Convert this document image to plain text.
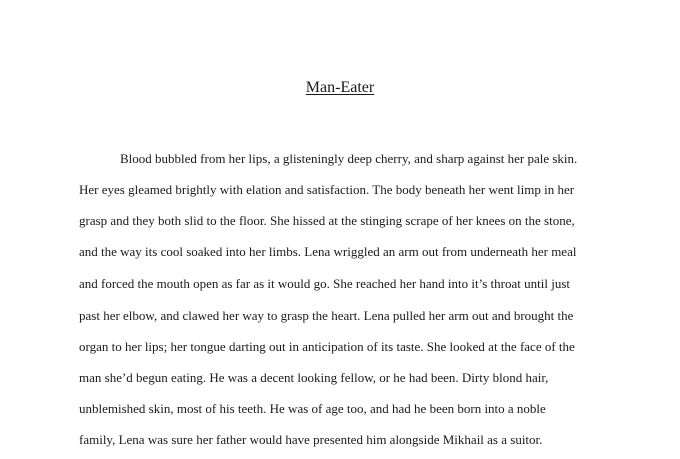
Man-Eater

Blood bubbled from her lips, a glisteningly deep cherry, and sharp against her pale skin.

Her eyes gleamed brightly with elation and satisfaction. The body beneath her went limp in her

grasp and they both slid to the floor. She hissed at the stinging scrape of her knees on the stone,

and the way its cool soaked into her limbs. Lena wriggled an arm out from underneath her meal

and forced the mouth open as far as it would go. She reached her hand into it’s throat until just

past her elbow, and clawed her way to grasp the heart. Lena pulled her arm out and brought the

organ to her lips; her tongue darting out in anticipation of its taste. She looked at the face of the

man she’d begun eating. He was a decent looking fellow, or he had been. Dirty blond hair,

unblemished skin, most of his teeth. He was of age too, and had he been born into a noble

family, Lena was sure her father would have presented him alongside Mikhail as a suitor.
